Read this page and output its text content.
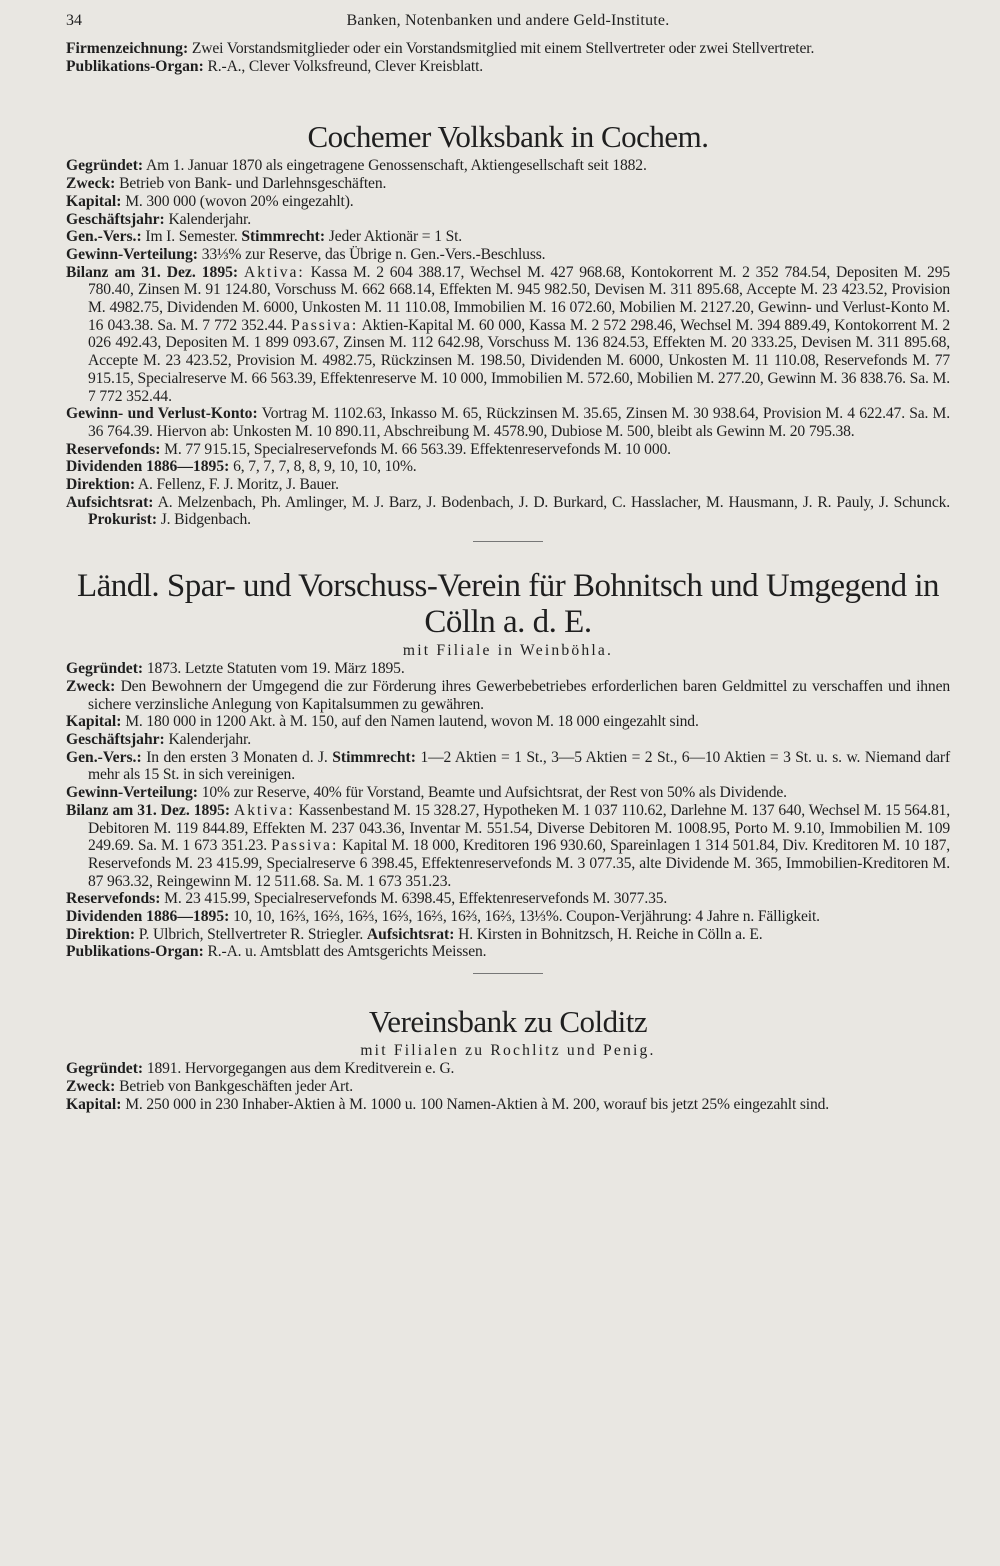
34	Banken, Notenbanken und andere Geld-Institute.
Firmenzeichnung: Zwei Vorstandsmitglieder oder ein Vorstandsmitglied mit einem Stellvertreter oder zwei Stellvertreter.
Publikations-Organ: R.-A., Clever Volksfreund, Clever Kreisblatt.
Cochemer Volksbank in Cochem.
Gegründet: Am 1. Januar 1870 als eingetragene Genossenschaft, Aktiengesellschaft seit 1882.
Zweck: Betrieb von Bank- und Darlehnsgeschäften.
Kapital: M. 300 000 (wovon 20% eingezahlt).
Geschäftsjahr: Kalenderjahr.
Gen.-Vers.: Im I. Semester. Stimmrecht: Jeder Aktionär = 1 St.
Gewinn-Verteilung: 33⅓% zur Reserve, das Übrige n. Gen.-Vers.-Beschluss.
Bilanz am 31. Dez. 1895: Aktiva: Kassa M. 2 604 388.17, Wechsel M. 427 968.68, Kontokorrent M. 2 352 784.54, Depositen M. 295 780.40, Zinsen M. 91 124.80, Vorschuss M. 662 668.14, Effekten M. 945 982.50, Devisen M. 311 895.68, Accepte M. 23 423.52, Provision M. 4982.75, Dividenden M. 6000, Unkosten M. 11 110.08, Immobilien M. 16 072.60, Mobilien M. 2127.20, Gewinn- und Verlust-Konto M. 16 043.38. Sa. M. 7 772 352.44. Passiva: Aktien-Kapital M. 60 000, Kassa M. 2 572 298.46, Wechsel M. 394 889.49, Kontokorrent M. 2 026 492.43, Depositen M. 1 899 093.67, Zinsen M. 112 642.98, Vorschuss M. 136 824.53, Effekten M. 20 333.25, Devisen M. 311 895.68, Accepte M. 23 423.52, Provision M. 4982.75, Rückzinsen M. 198.50, Dividenden M. 6000, Unkosten M. 11 110.08, Reservefonds M. 77 915.15, Specialreserve M. 66 563.39, Effektenreserve M. 10 000, Immobilien M. 572.60, Mobilien M. 277.20, Gewinn M. 36 838.76. Sa. M. 7 772 352.44.
Gewinn- und Verlust-Konto: Vortrag M. 1102.63, Inkasso M. 65, Rückzinsen M. 35.65, Zinsen M. 30 938.64, Provision M. 4 622.47. Sa. M. 36 764.39. Hiervon ab: Unkosten M. 10 890.11, Abschreibung M. 4578.90, Dubiose M. 500, bleibt als Gewinn M. 20 795.38.
Reservefonds: M. 77 915.15, Specialreservefonds M. 66 563.39. Effektenreservefonds M. 10 000.
Dividenden 1886—1895: 6, 7, 7, 7, 8, 8, 9, 10, 10, 10%.
Direktion: A. Fellenz, F. J. Moritz, J. Bauer.
Aufsichtsrat: A. Melzenbach, Ph. Amlinger, M. J. Barz, J. Bodenbach, J. D. Burkard, C. Hasslacher, M. Hausmann, J. R. Pauly, J. Schunck. Prokurist: J. Bidgenbach.
Ländl. Spar- und Vorschuss-Verein für Bohnitsch und Umgegend in Cölln a. d. E.
mit Filiale in Weinböhla.
Gegründet: 1873. Letzte Statuten vom 19. März 1895.
Zweck: Den Bewohnern der Umgegend die zur Förderung ihres Gewerbebetriebes erforderlichen baren Geldmittel zu verschaffen und ihnen sichere verzinsliche Anlegung von Kapitalsummen zu gewähren.
Kapital: M. 180 000 in 1200 Akt. à M. 150, auf den Namen lautend, wovon M. 18 000 eingezahlt sind.
Geschäftsjahr: Kalenderjahr.
Gen.-Vers.: In den ersten 3 Monaten d. J. Stimmrecht: 1—2 Aktien = 1 St., 3—5 Aktien = 2 St., 6—10 Aktien = 3 St. u. s. w. Niemand darf mehr als 15 St. in sich vereinigen.
Gewinn-Verteilung: 10% zur Reserve, 40% für Vorstand, Beamte und Aufsichtsrat, der Rest von 50% als Dividende.
Bilanz am 31. Dez. 1895: Aktiva: Kassenbestand M. 15 328.27, Hypotheken M. 1 037 110.62, Darlehne M. 137 640, Wechsel M. 15 564.81, Debitoren M. 119 844.89, Effekten M. 237 043.36, Inventar M. 551.54, Diverse Debitoren M. 1008.95, Porto M. 9.10, Immobilien M. 109 249.69. Sa. M. 1 673 351.23. Passiva: Kapital M. 18 000, Kreditoren 196 930.60, Spareinlagen 1 314 501.84, Div. Kreditoren M. 10 187, Reservefonds M. 23 415.99, Specialreserve 6 398.45, Effektenreservefonds M. 3 077.35, alte Dividende M. 365, Immobilien-Kreditoren M. 87 963.32, Reingewinn M. 12 511.68. Sa. M. 1 673 351.23.
Reservefonds: M. 23 415.99, Specialreservefonds M. 6398.45, Effektenreservefonds M. 3077.35.
Dividenden 1886—1895: 10, 10, 16⅔, 16⅔, 16⅔, 16⅔, 16⅔, 16⅔, 16⅔, 13⅓%. Coupon-Verjährung: 4 Jahre n. Fälligkeit.
Direktion: P. Ulbrich, Stellvertreter R. Striegler. Aufsichtsrat: H. Kirsten in Bohnitzsch, H. Reiche in Cölln a. E.
Publikations-Organ: R.-A. u. Amtsblatt des Amtsgerichts Meissen.
Vereinsbank zu Colditz
mit Filialen zu Rochlitz und Penig.
Gegründet: 1891. Hervorgegangen aus dem Kreditverein e. G.
Zweck: Betrieb von Bankgeschäften jeder Art.
Kapital: M. 250 000 in 230 Inhaber-Aktien à M. 1000 u. 100 Namen-Aktien à M. 200, worauf bis jetzt 25% eingezahlt sind.
